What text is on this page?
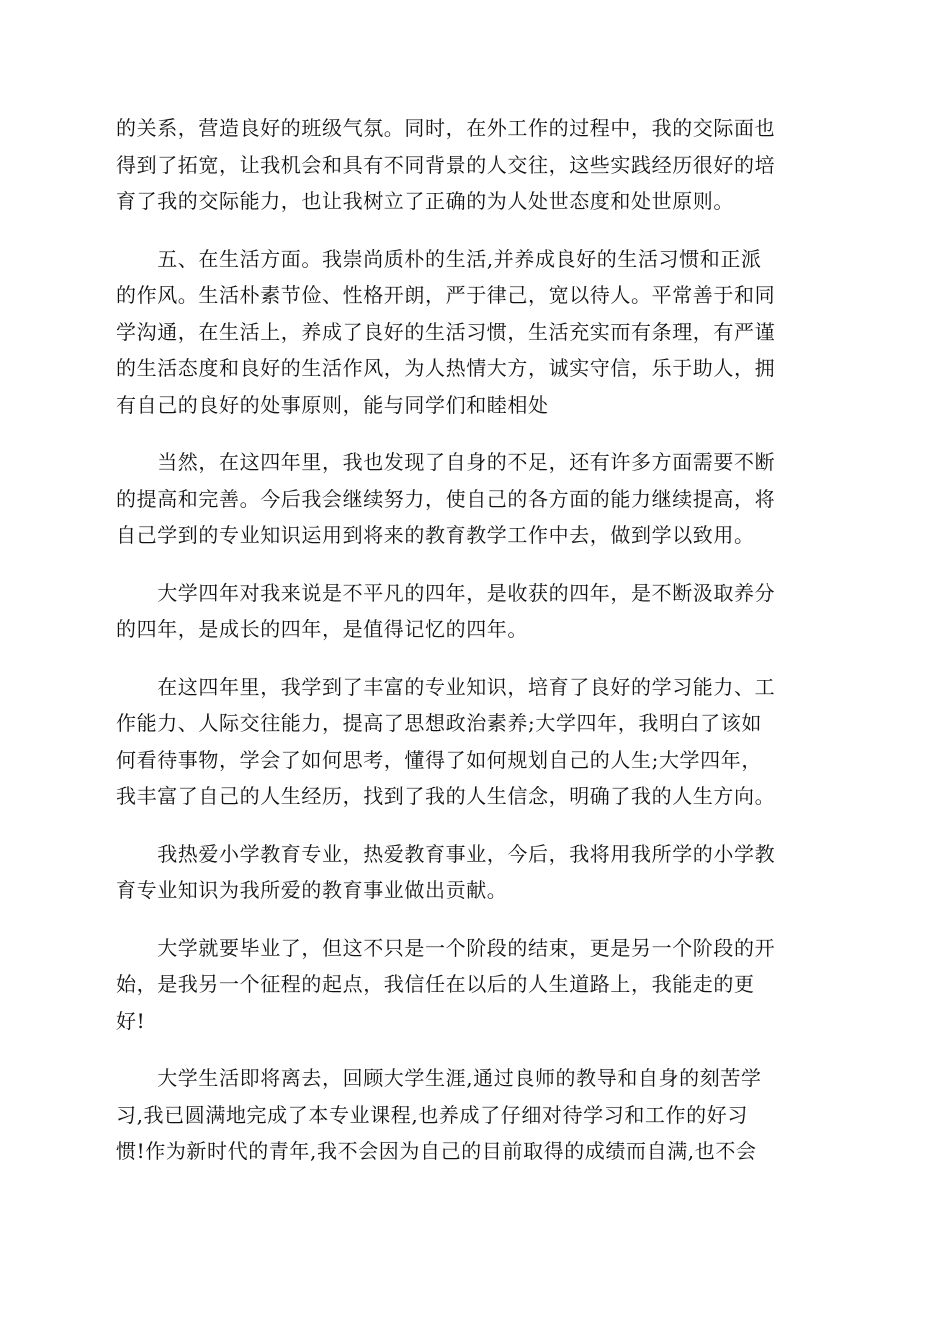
的关系，营造良好的班级气氛。同时，在外工作的过程中，我的交际面也
得到了拓宽，让我机会和具有不同背景的人交往，这些实践经历很好的培
育了我的交际能力，也让我树立了正确的为人处世态度和处世原则。

　　五、在生活方面。我崇尚质朴的生活,并养成良好的生活习惯和正派
的作风。生活朴素节俭、性格开朗，严于律己，宽以待人。平常善于和同
学沟通，在生活上，养成了良好的生活习惯，生活充实而有条理，有严谨
的生活态度和良好的生活作风，为人热情大方，诚实守信，乐于助人，拥
有自己的良好的处事原则，能与同学们和睦相处

　　当然，在这四年里，我也发现了自身的不足，还有许多方面需要不断
的提高和完善。今后我会继续努力，使自己的各方面的能力继续提高，将
自己学到的专业知识运用到将来的教育教学工作中去，做到学以致用。

　　大学四年对我来说是不平凡的四年，是收获的四年，是不断汲取养分
的四年，是成长的四年，是值得记忆的四年。

　　在这四年里，我学到了丰富的专业知识，培育了良好的学习能力、工
作能力、人际交往能力，提高了思想政治素养;大学四年，我明白了该如
何看待事物，学会了如何思考，懂得了如何规划自己的人生;大学四年，
我丰富了自己的人生经历，找到了我的人生信念，明确了我的人生方向。

　　我热爱小学教育专业，热爱教育事业，今后，我将用我所学的小学教
育专业知识为我所爱的教育事业做出贡献。

　　大学就要毕业了，但这不只是一个阶段的结束，更是另一个阶段的开
始，是我另一个征程的起点，我信任在以后的人生道路上，我能走的更
好!

　　大学生活即将离去，回顾大学生涯,通过良师的教导和自身的刻苦学
习,我已圆满地完成了本专业课程,也养成了仔细对待学习和工作的好习
惯!作为新时代的青年,我不会因为自己的目前取得的成绩而自满,也不会
